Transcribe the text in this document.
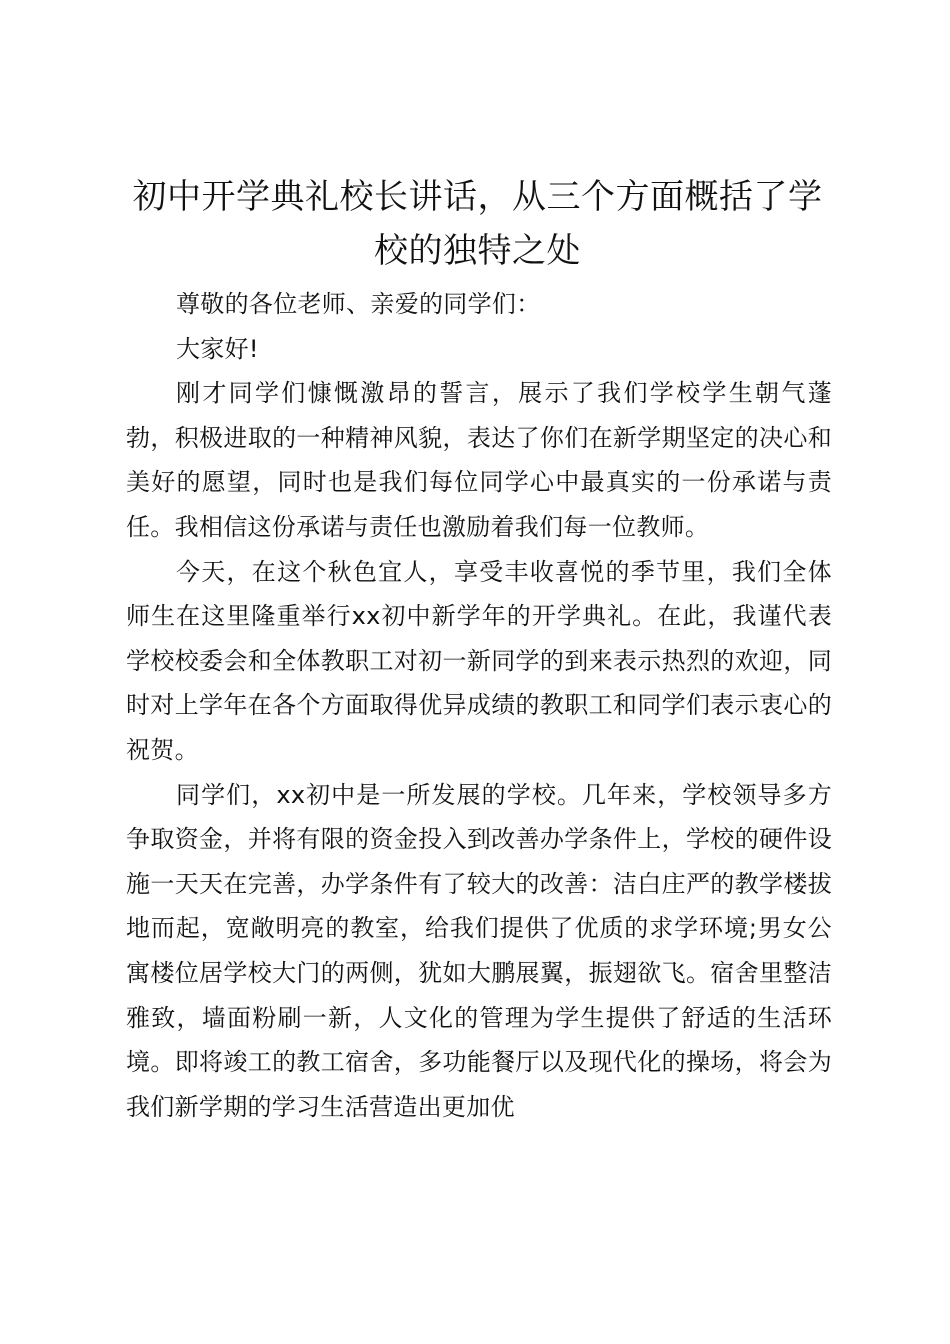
初中开学典礼校长讲话，从三个方面概括了学校的独特之处

尊敬的各位老师、亲爱的同学们：

大家好!

刚才同学们慷慨激昂的誓言，展示了我们学校学生朝气蓬勃，积极进取的一种精神风貌，表达了你们在新学期坚定的决心和美好的愿望，同时也是我们每位同学心中最真实的一份承诺与责任。我相信这份承诺与责任也激励着我们每一位教师。

今天，在这个秋色宜人，享受丰收喜悦的季节里，我们全体师生在这里隆重举行xx初中新学年的开学典礼。在此，我谨代表学校校委会和全体教职工对初一新同学的到来表示热烈的欢迎，同时对上学年在各个方面取得优异成绩的教职工和同学们表示衷心的祝贺。

同学们，xx初中是一所发展的学校。几年来，学校领导多方争取资金，并将有限的资金投入到改善办学条件上，学校的硬件设施一天天在完善，办学条件有了较大的改善：洁白庄严的教学楼拔地而起，宽敞明亮的教室，给我们提供了优质的求学环境;男女公寓楼位居学校大门的两侧，犹如大鹏展翼，振翅欲飞。宿舍里整洁雅致，墙面粉刷一新，人文化的管理为学生提供了舒适的生活环境。即将竣工的教工宿舍，多功能餐厅以及现代化的操场，将会为我们新学期的学习生活营造出更加优
